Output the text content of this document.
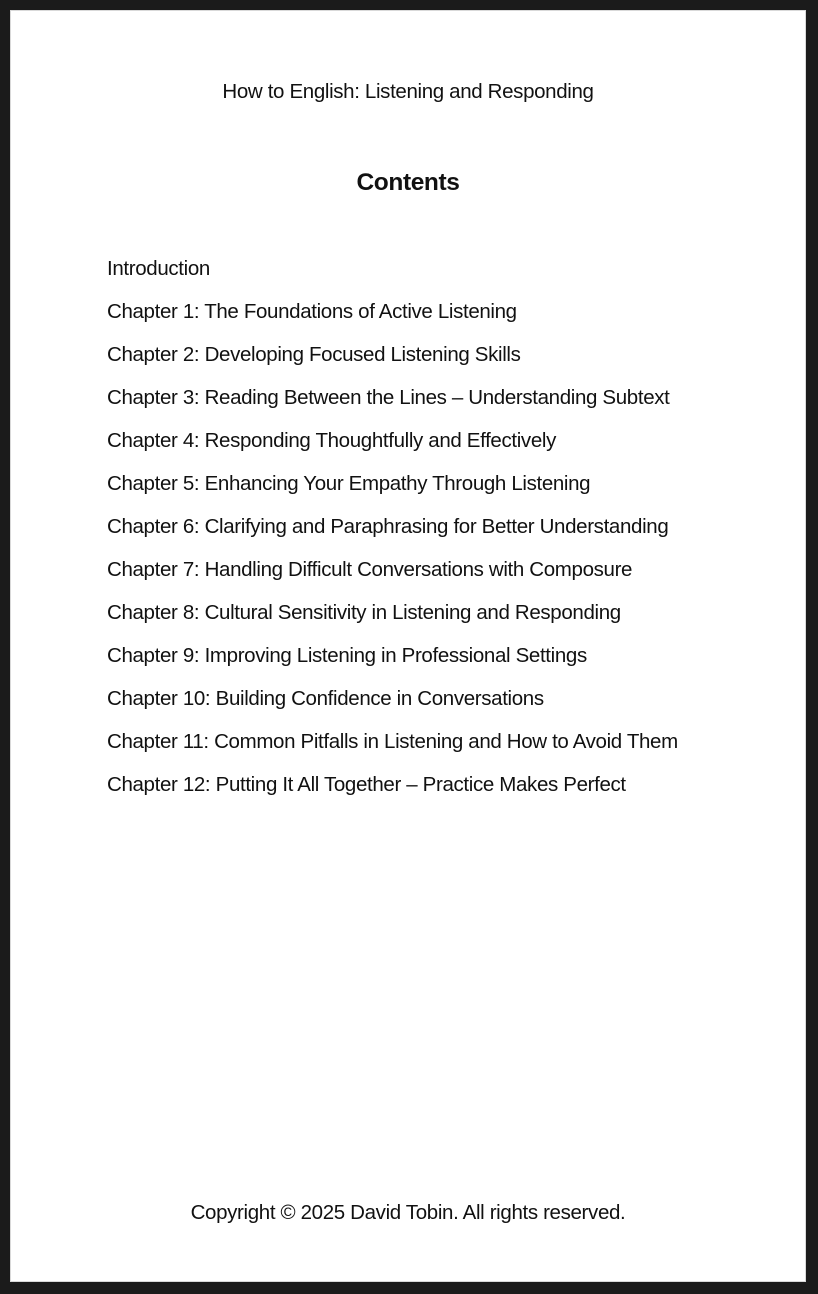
How to English: Listening and Responding
Contents
Introduction
Chapter 1: The Foundations of Active Listening
Chapter 2: Developing Focused Listening Skills
Chapter 3: Reading Between the Lines – Understanding Subtext
Chapter 4: Responding Thoughtfully and Effectively
Chapter 5: Enhancing Your Empathy Through Listening
Chapter 6: Clarifying and Paraphrasing for Better Understanding
Chapter 7: Handling Difficult Conversations with Composure
Chapter 8: Cultural Sensitivity in Listening and Responding
Chapter 9: Improving Listening in Professional Settings
Chapter 10: Building Confidence in Conversations
Chapter 11: Common Pitfalls in Listening and How to Avoid Them
Chapter 12: Putting It All Together – Practice Makes Perfect
Copyright © 2025 David Tobin. All rights reserved.
